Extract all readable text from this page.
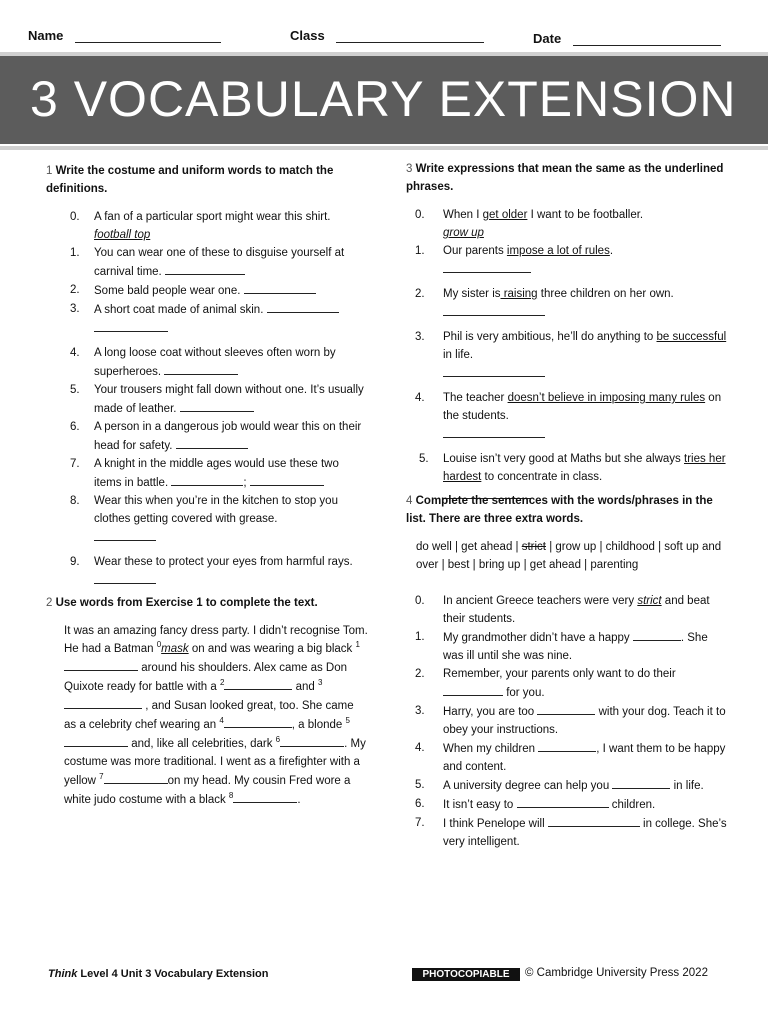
Name	Class	Date
3 VOCABULARY EXTENSION
1 Write the costume and uniform words to match the definitions.
0. A fan of a particular sport might wear this shirt.
football top
1. You can wear one of these to disguise yourself at carnival time.
2. Some bald people wear one.
3. A short coat made of animal skin.

4. A long loose coat without sleeves often worn by superheroes.
5. Your trousers might fall down without one. It’s usually made of leather.
6. A person in a dangerous job would wear this on their head for safety.
7. A knight in the middle ages would use these two items in battle.	;
8. Wear this when you’re in the kitchen to stop you clothes getting covered with grease.

9. Wear these to protect your eyes from harmful rays.
2 Use words from Exercise 1 to complete the text.
It was an amazing fancy dress party. I didn’t recognise Tom. He had a Batman $^0$mask on and was wearing a big black $^1$ around his shoulders. Alex came as Don Quixote ready for battle with a $^2$	and $^3$ , and Susan looked great, too. She came as a celebrity chef wearing an $^4$	, a blonde $^5$ and, like all celebrities, dark $^6$	. My costume was more traditional. I went as a firefighter with a yellow $^7$	on my head. My cousin Fred wore a white judo costume with a black $^8$	.
3 Write expressions that mean the same as the underlined phrases.
0. When I get older I want to be footballer.
grow up
1. Our parents impose a lot of rules.

2. My sister is raising three children on her own.

3. Phil is very ambitious, he’ll do anything to be successful in life.

4. The teacher doesn’t believe in imposing many rules on the students.

5. Louise isn’t very good at Maths but she always tries her hardest to concentrate in class.

4 Complete the sentences with the words/phrases in the list. There are three extra words.
do well | get ahead | strict | grow up | childhood | soft up and over | best | bring up | get ahead | parenting
0. In ancient Greece teachers were very strict and beat their students.
1. My grandmother didn’t have a happy	. She was ill until she was nine.
2. Remember, your parents only want to do their  for you.
3. Harry, you are too	with your dog. Teach it to obey your instructions.
4. When my children	, I want them to be happy and content.
5. A university degree can help you	in life.
6. It isn’t easy to	children.
7. I think Penelope will	in college. She’s very intelligent.
Think Level 4 Unit 3 Vocabulary Extension	PHOTOCOPIABLE	© Cambridge University Press 2022
